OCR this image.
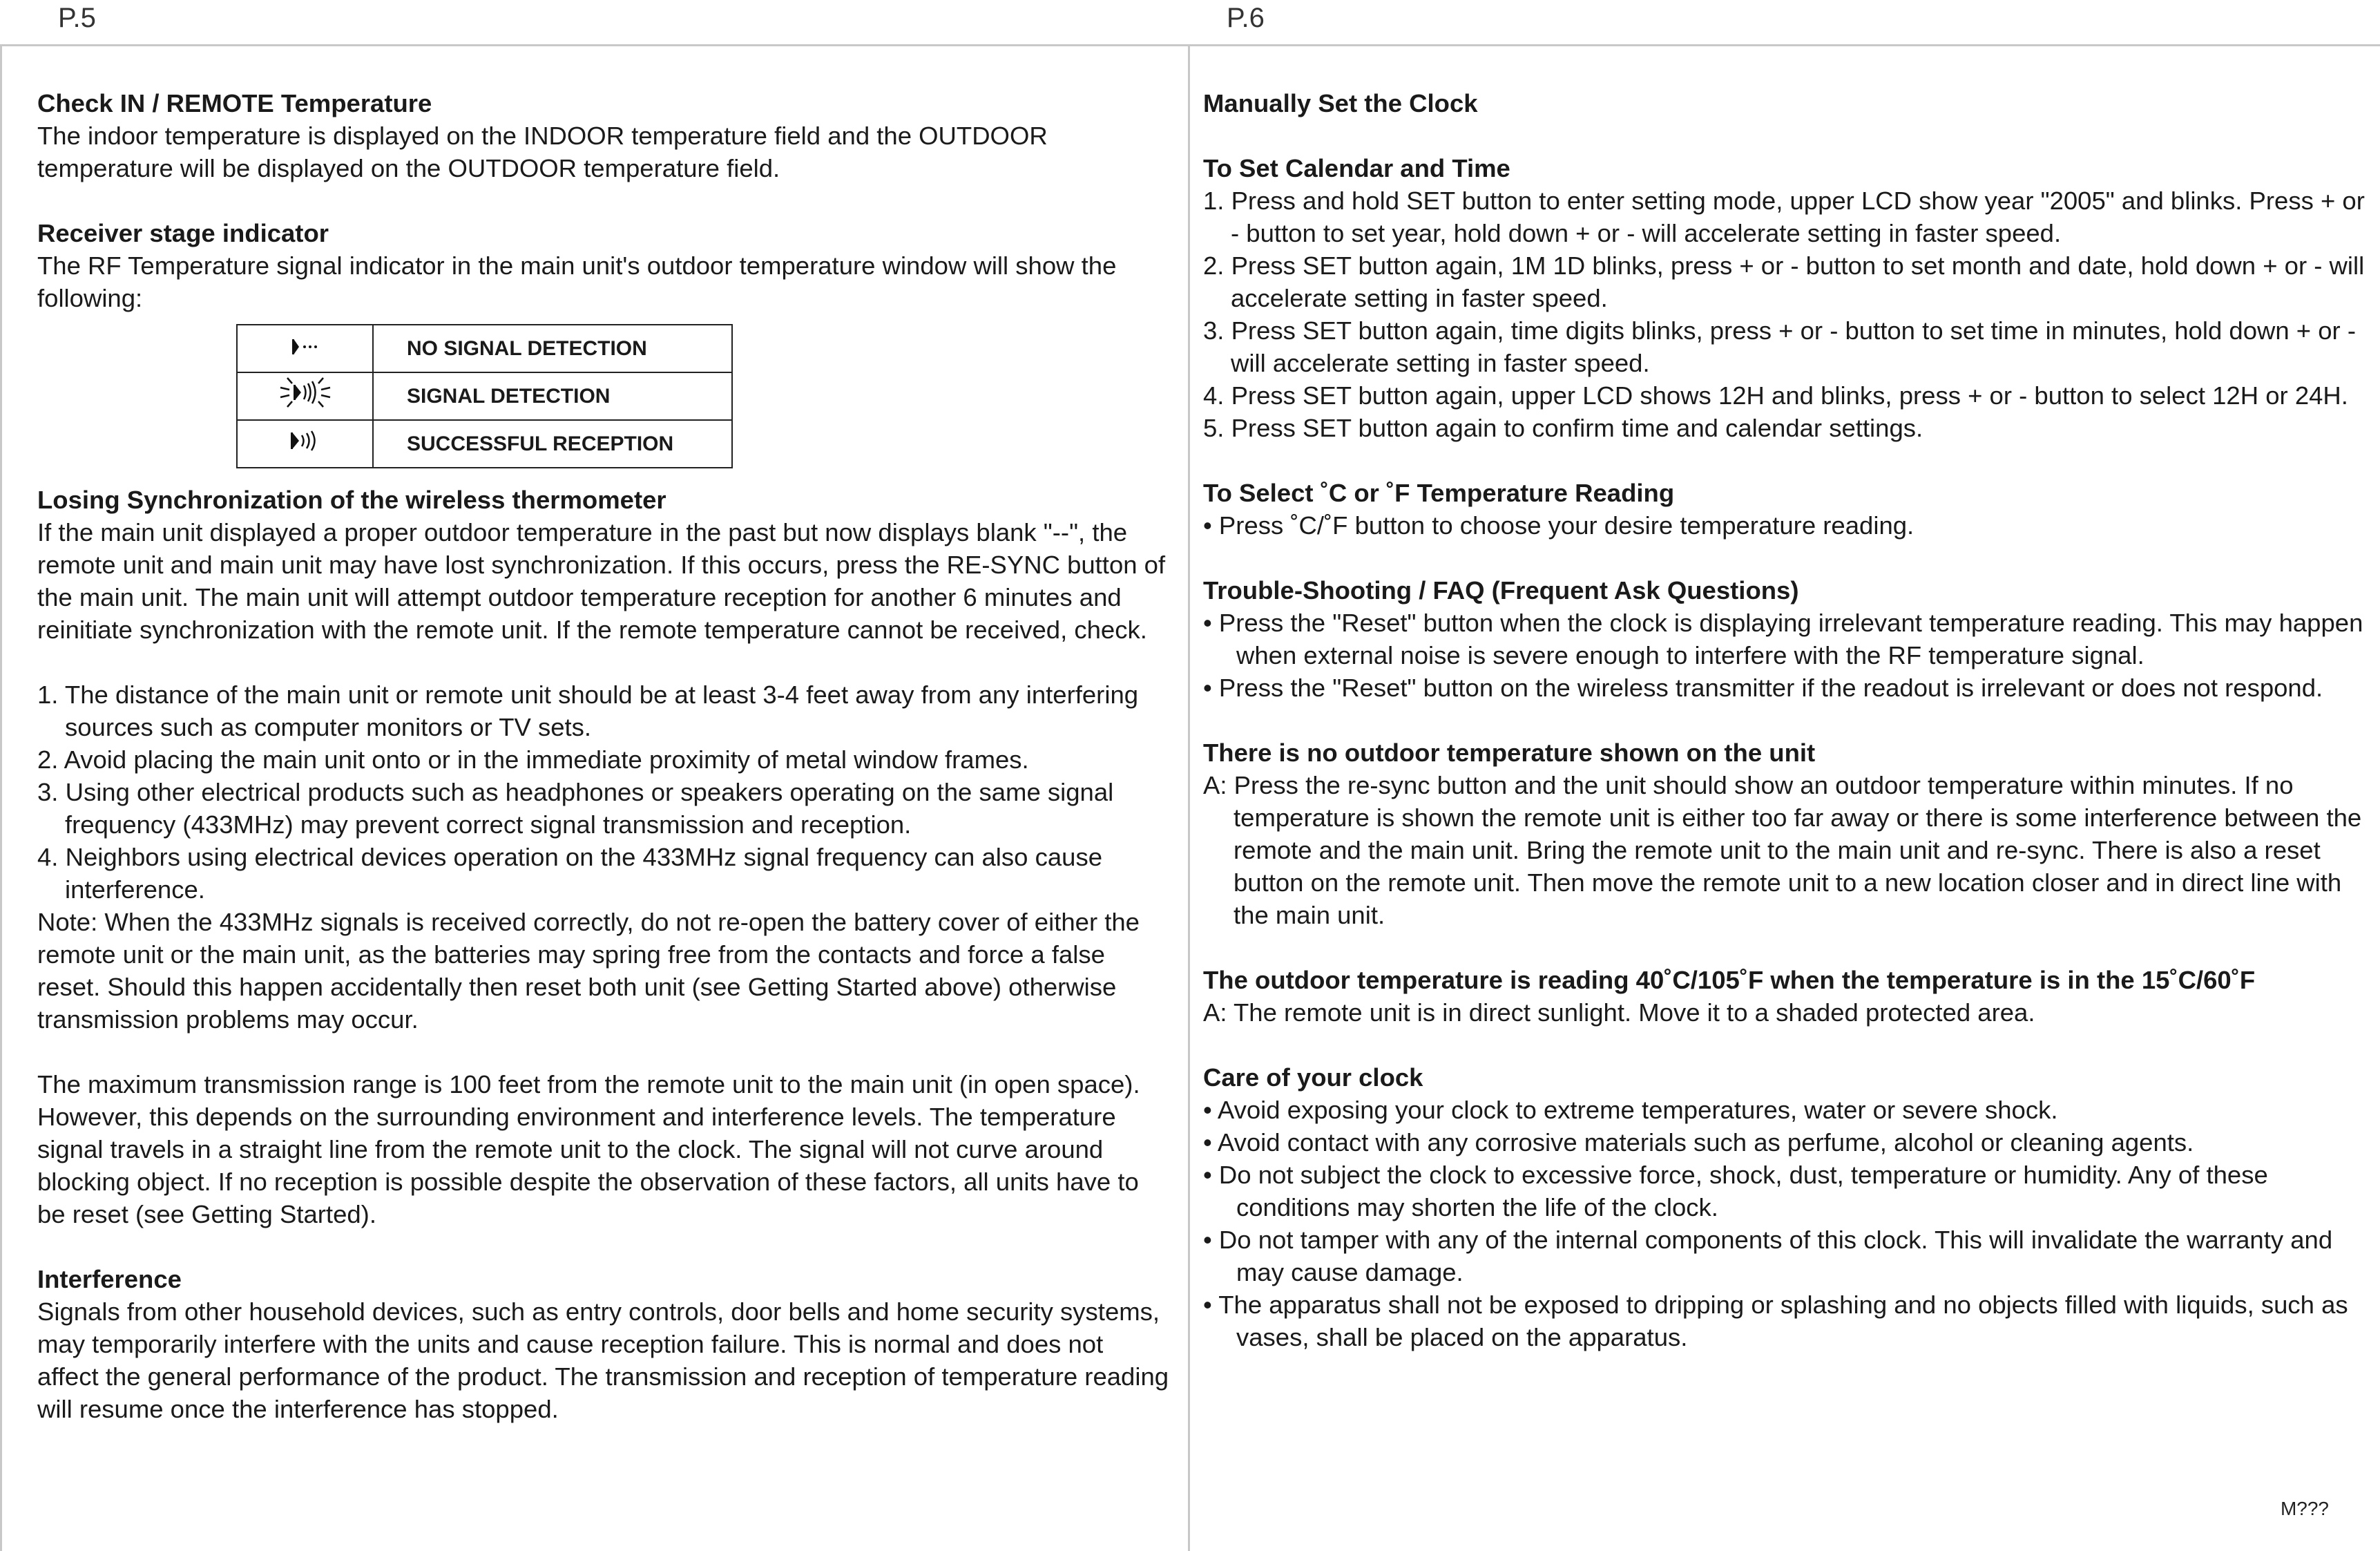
P.5	P.6

Check IN / REMOTE Temperature

The indoor temperature is displayed on the INDOOR temperature field and the OUTDOOR temperature will be displayed on the OUTDOOR temperature field.

Receiver stage indicator

The RF Temperature signal indicator in the main unit's outdoor temperature window will show the following:

	NO SIGNAL DETECTION
	SIGNAL DETECTION
	SUCCESSFUL RECEPTION

Losing Synchronization of the wireless thermometer

If the main unit displayed a proper outdoor temperature in the past but now displays blank "--", the remote unit and main unit may have lost synchronization. If this occurs, press the RE-SYNC button of the main unit. The main unit will attempt outdoor temperature reception for another 6 minutes and reinitiate synchronization with the remote unit. If the remote temperature cannot be received, check.

1. The distance of the main unit or remote unit should be at least 3-4 feet away from any interfering sources such as computer monitors or TV sets.

2. Avoid placing the main unit onto or in the immediate proximity of metal window frames.

3. Using other electrical products such as headphones or speakers operating on the same signal frequency (433MHz) may prevent correct signal transmission and reception.

4. Neighbors using electrical devices operation on the 433MHz signal frequency can also cause interference.

Note: When the 433MHz signals is received correctly, do not re-open the battery cover of either the remote unit or the main unit, as the batteries may spring free from the contacts and force a false reset. Should this happen accidentally then reset both unit (see Getting Started above) otherwise transmission problems may occur.

The maximum transmission range is 100 feet from the remote unit to the main unit (in open space). However, this depends on the surrounding environment and interference levels. The temperature signal travels in a straight line from the remote unit to the clock. The signal will not curve around blocking object. If no reception is possible despite the observation of these factors, all units have to be reset (see Getting Started).

Interference

Signals from other household devices, such as entry controls, door bells and home security systems, may temporarily interfere with the units and cause reception failure. This is normal and does not affect the general performance of the product. The transmission and reception of temperature reading will resume once the interference has stopped.

Manually Set the Clock

To Set Calendar and Time

1. Press and hold SET button to enter setting mode, upper LCD show year "2005" and blinks. Press + or - button to set year, hold down + or - will accelerate setting in faster speed.

2. Press SET button again, 1M 1D blinks, press + or - button to set month and date, hold down + or - will accelerate setting in faster speed.

3. Press SET button again, time digits blinks, press + or - button to set time in minutes, hold down + or - will accelerate setting in faster speed.

4. Press SET button again, upper LCD shows 12H and blinks, press + or - button to select 12H or 24H.

5. Press SET button again to confirm time and calendar settings.

To Select ˚C or ˚F Temperature Reading

• Press ˚C/˚F button to choose your desire temperature reading.

Trouble-Shooting / FAQ (Frequent Ask Questions)

• Press the "Reset" button when the clock is displaying irrelevant temperature reading. This may happen when external noise is severe enough to interfere with the RF temperature signal.

• Press the "Reset" button on the wireless transmitter if the readout is irrelevant or does not respond.

There is no outdoor temperature shown on the unit

A: Press the re-sync button and the unit should show an outdoor temperature within minutes. If no temperature is shown the remote unit is either too far away or there is some interference between the remote and the main unit. Bring the remote unit to the main unit and re-sync. There is also a reset button on the remote unit. Then move the remote unit to a new location closer and in direct line with the main unit.

The outdoor temperature is reading 40˚C/105˚F when the temperature is in the 15˚C/60˚F

A: The remote unit is in direct sunlight. Move it to a shaded protected area.

Care of your clock

• Avoid exposing your clock to extreme temperatures, water or severe shock.

• Avoid contact with any corrosive materials such as perfume, alcohol or cleaning agents.

• Do not subject the clock to excessive force, shock, dust, temperature or humidity. Any of these conditions may shorten the life of the clock.

• Do not tamper with any of the internal components of this clock. This will invalidate the warranty and may cause damage.

• The apparatus shall not be exposed to dripping or splashing and no objects filled with liquids, such as vases, shall be placed on the apparatus.

M???
